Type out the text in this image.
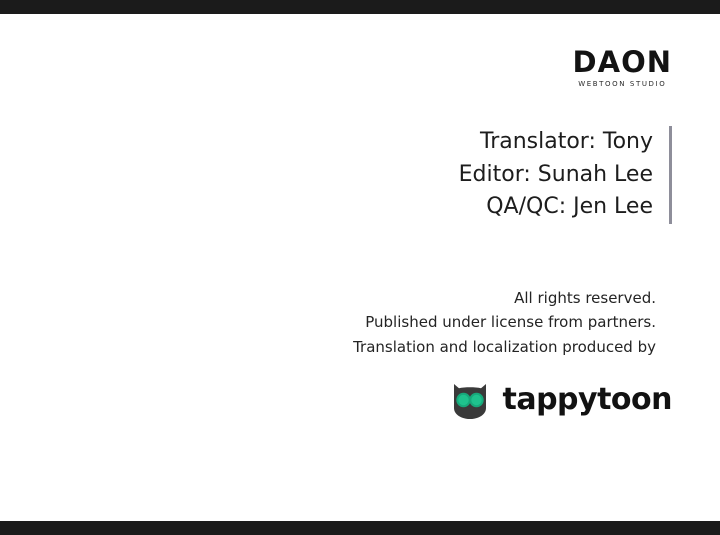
DAON
WEBTOON STUDIO
Translator: Tony
Editor: Sunah Lee
QA/QC: Jen Lee
All rights reserved.
Published under license from partners.
Translation and localization produced by
tappytoon
